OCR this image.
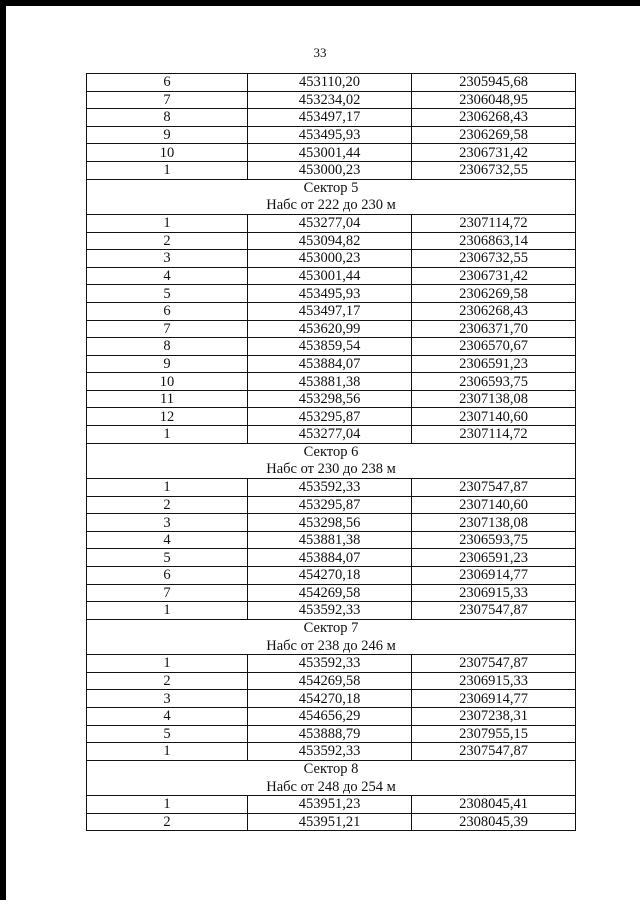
33
6	453110,20	2305945,68
7	453234,02	2306048,95
8	453497,17	2306268,43
9	453495,93	2306269,58
10	453001,44	2306731,42
1	453000,23	2306732,55
Сектор 5		
Набс от 222 до 230 м		
1	453277,04	2307114,72
2	453094,82	2306863,14
3	453000,23	2306732,55
4	453001,44	2306731,42
5	453495,93	2306269,58
6	453497,17	2306268,43
7	453620,99	2306371,70
8	453859,54	2306570,67
9	453884,07	2306591,23
10	453881,38	2306593,75
11	453298,56	2307138,08
12	453295,87	2307140,60
1	453277,04	2307114,72
Сектор 6		
Набс от 230 до 238 м		
1	453592,33	2307547,87
2	453295,87	2307140,60
3	453298,56	2307138,08
4	453881,38	2306593,75
5	453884,07	2306591,23
6	454270,18	2306914,77
7	454269,58	2306915,33
1	453592,33	2307547,87
Сектор 7		
Набс от 238 до 246 м		
1	453592,33	2307547,87
2	454269,58	2306915,33
3	454270,18	2306914,77
4	454656,29	2307238,31
5	453888,79	2307955,15
1	453592,33	2307547,87
Сектор 8		
Набс от 248 до 254 м		
1	453951,23	2308045,41
2	453951,21	2308045,39
